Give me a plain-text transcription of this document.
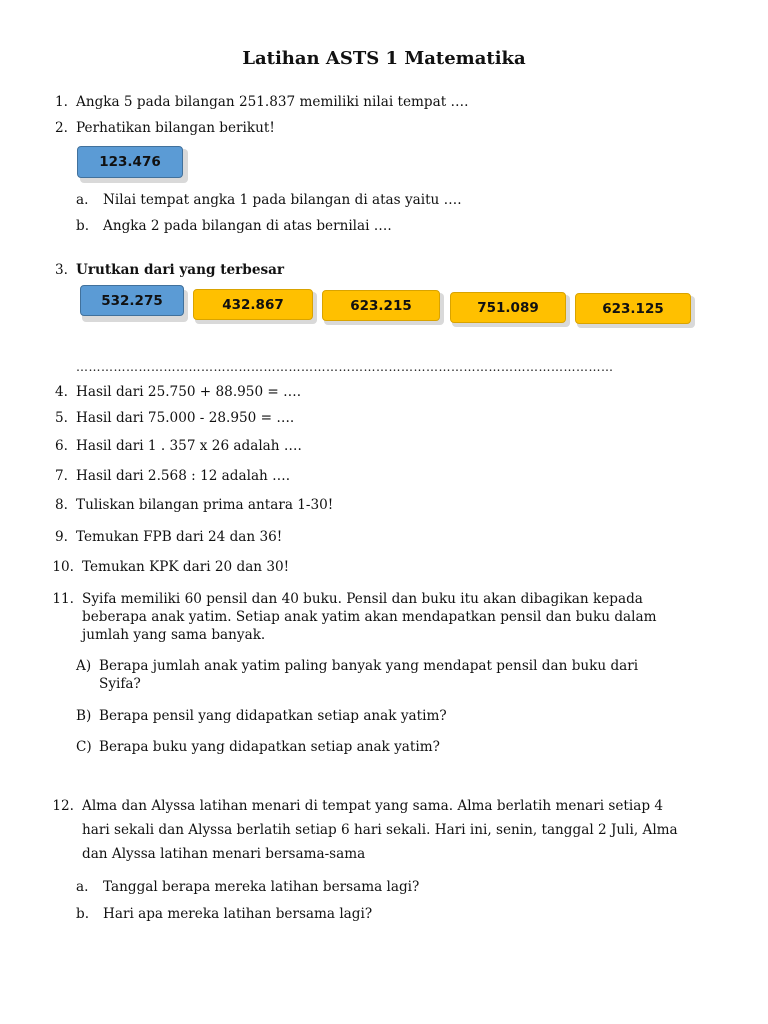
Latihan ASTS 1 Matematika
1. Angka 5 pada bilangan 251.837 memiliki nilai tempat ….
2. Perhatikan bilangan berikut!
123.476
a. Nilai tempat angka 1 pada bilangan di atas yaitu ….
b. Angka 2 pada bilangan di atas bernilai ….
3. Urutkan dari yang terbesar
532.275	432.867	623.215	751.089	623.125
…………………………………………………………………………………………………………………
4. Hasil dari 25.750 + 88.950 = ….
5. Hasil dari 75.000 - 28.950 = ….
6. Hasil dari 1 . 357 x 26 adalah ….
7. Hasil dari 2.568 : 12 adalah ….
8. Tuliskan bilangan prima antara 1-30!
9. Temukan FPB dari 24 dan 36!
10. Temukan KPK dari 20 dan 30!
11. Syifa memiliki 60 pensil dan 40 buku. Pensil dan buku itu akan dibagikan kepada
beberapa anak yatim. Setiap anak yatim akan mendapatkan pensil dan buku dalam
jumlah yang sama banyak.
A) Berapa jumlah anak yatim paling banyak yang mendapat pensil dan buku dari
Syifa?
B) Berapa pensil yang didapatkan setiap anak yatim?
C) Berapa buku yang didapatkan setiap anak yatim?
12. Alma dan Alyssa latihan menari di tempat yang sama. Alma berlatih menari setiap 4
hari sekali dan Alyssa berlatih setiap 6 hari sekali. Hari ini, senin, tanggal 2 Juli, Alma
dan Alyssa latihan menari bersama-sama
a. Tanggal berapa mereka latihan bersama lagi?
b. Hari apa mereka latihan bersama lagi?
